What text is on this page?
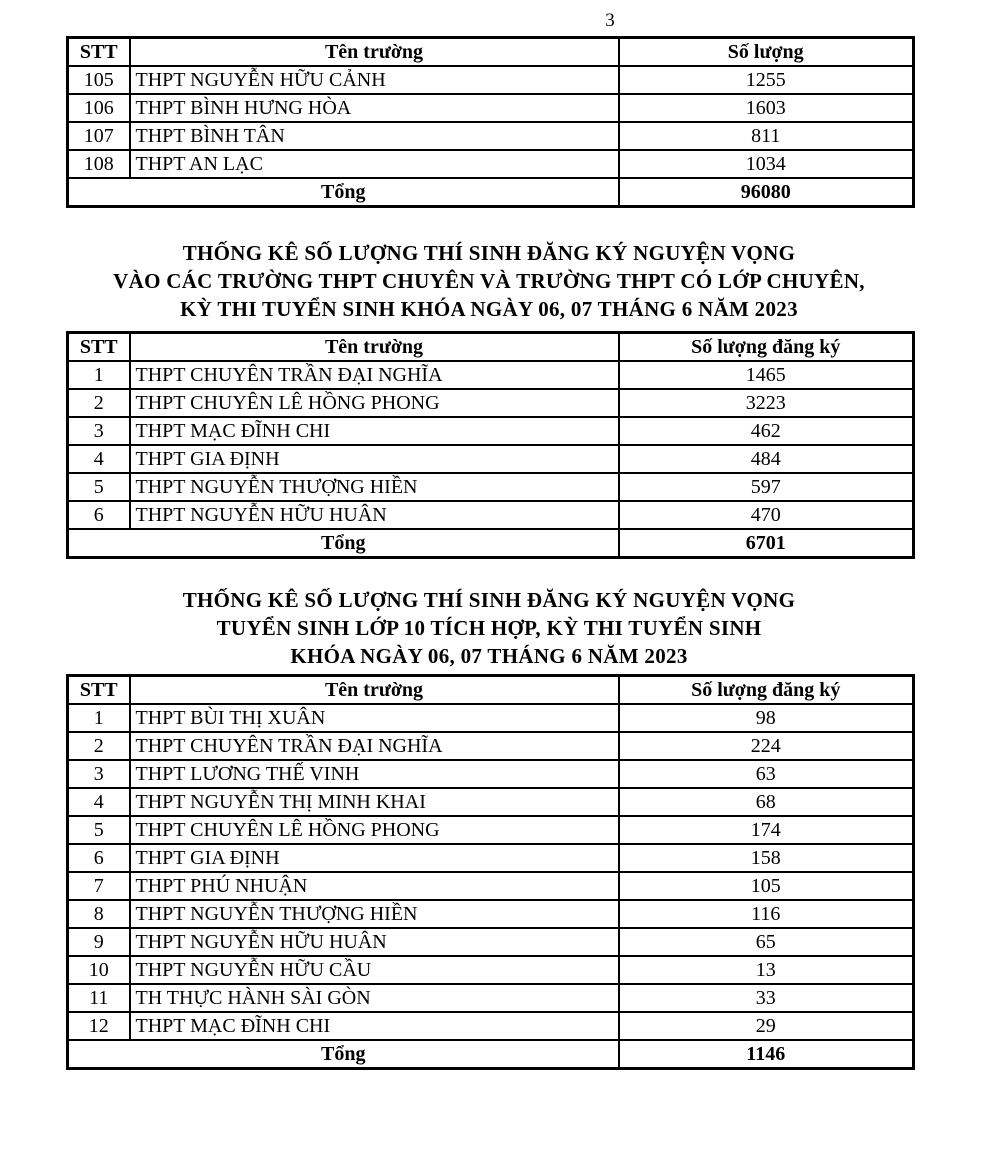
3
STT	Tên trường	Số lượng
105	THPT NGUYỄN HỮU CẢNH	1255
106	THPT BÌNH HƯNG HÒA	1603
107	THPT BÌNH TÂN	811
108	THPT AN LẠC	1034
Tổng		96080
THỐNG KÊ SỐ LƯỢNG THÍ SINH ĐĂNG KÝ NGUYỆN VỌNG
VÀO CÁC TRƯỜNG THPT CHUYÊN VÀ TRƯỜNG THPT CÓ LỚP CHUYÊN,
KỲ THI TUYỂN SINH KHÓA NGÀY 06, 07 THÁNG 6 NĂM 2023
STT	Tên trường	Số lượng đăng ký
1	THPT CHUYÊN TRẦN ĐẠI NGHĨA	1465
2	THPT CHUYÊN LÊ HỒNG PHONG	3223
3	THPT MẠC ĐĨNH CHI	462
4	THPT GIA ĐỊNH	484
5	THPT NGUYỄN THƯỢNG HIỀN	597
6	THPT NGUYỄN HỮU HUÂN	470
Tổng		6701
THỐNG KÊ SỐ LƯỢNG THÍ SINH ĐĂNG KÝ NGUYỆN VỌNG
TUYỂN SINH LỚP 10 TÍCH HỢP, KỲ THI TUYỂN SINH
KHÓA NGÀY 06, 07 THÁNG 6 NĂM 2023
STT	Tên trường	Số lượng đăng ký
1	THPT BÙI THỊ XUÂN	98
2	THPT CHUYÊN TRẦN ĐẠI NGHĨA	224
3	THPT LƯƠNG THẾ VINH	63
4	THPT NGUYỄN THỊ MINH KHAI	68
5	THPT CHUYÊN LÊ HỒNG PHONG	174
6	THPT GIA ĐỊNH	158
7	THPT PHÚ NHUẬN	105
8	THPT NGUYỄN THƯỢNG HIỀN	116
9	THPT NGUYỄN HỮU HUÂN	65
10	THPT NGUYỄN HỮU CẦU	13
11	TH THỰC HÀNH SÀI GÒN	33
12	THPT MẠC ĐĨNH CHI	29
Tổng		1146
